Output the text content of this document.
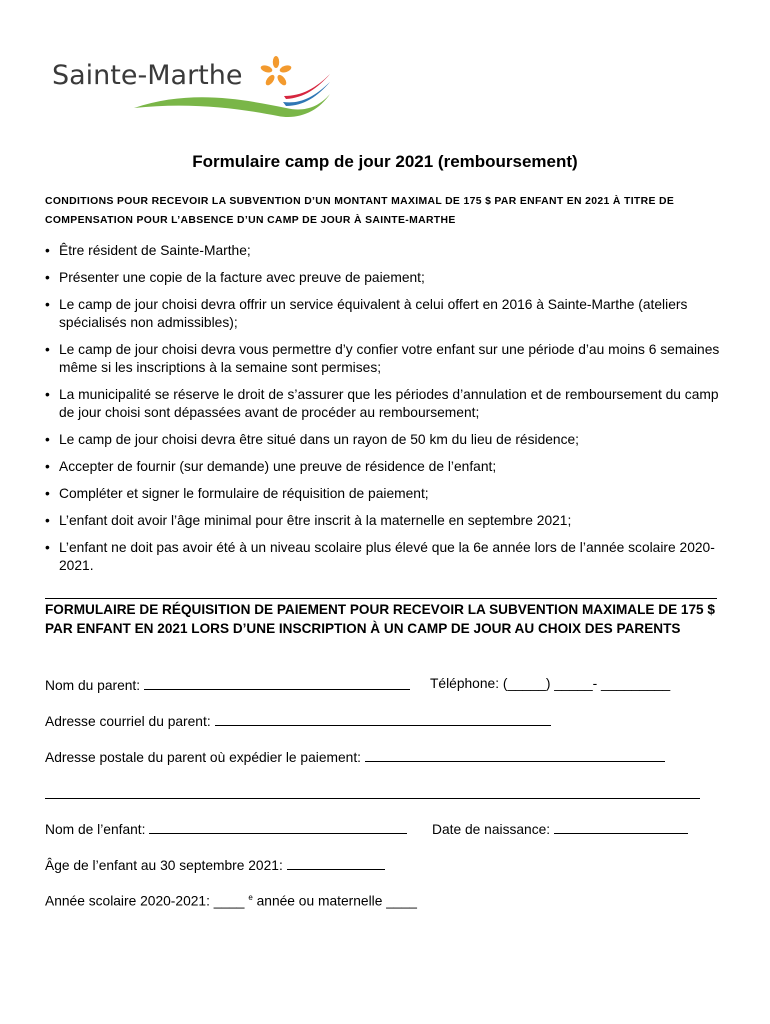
Sainte-Marthe
Formulaire camp de jour 2021 (remboursement)
CONDITIONS POUR RECEVOIR LA SUBVENTION D’UN MONTANT MAXIMAL DE 175 $ PAR ENFANT EN 2021 À TITRE DE COMPENSATION POUR L’ABSENCE D’UN CAMP DE JOUR À SAINTE-MARTHE
• Être résident de Sainte-Marthe;
• Présenter une copie de la facture avec preuve de paiement;
• Le camp de jour choisi devra offrir un service équivalent à celui offert en 2016 à Sainte-Marthe (ateliers spécialisés non admissibles);
• Le camp de jour choisi devra vous permettre d’y confier votre enfant sur une période d’au moins 6 semaines même si les inscriptions à la semaine sont permises;
• La municipalité se réserve le droit de s’assurer que les périodes d’annulation et de remboursement du camp de jour choisi sont dépassées avant de procéder au remboursement;
• Le camp de jour choisi devra être situé dans un rayon de 50 km du lieu de résidence;
• Accepter de fournir (sur demande) une preuve de résidence de l’enfant;
• Compléter et signer le formulaire de réquisition de paiement;
• L’enfant doit avoir l’âge minimal pour être inscrit à la maternelle en septembre 2021;
• L’enfant ne doit pas avoir été à un niveau scolaire plus élevé que la 6e année lors de l’année scolaire 2020-2021.
FORMULAIRE DE RÉQUISITION DE PAIEMENT POUR RECEVOIR LA SUBVENTION MAXIMALE DE 175 $ PAR ENFANT EN 2021 LORS D’UNE INSCRIPTION À UN CAMP DE JOUR AU CHOIX DES PARENTS
Nom du parent:	Téléphone: (_____) _____- _________
Adresse courriel du parent:
Adresse postale du parent où expédier le paiement:
Nom de l’enfant:	Date de naissance:
Âge de l’enfant au 30 septembre 2021:
Année scolaire 2020-2021: ____ $^e$ année ou maternelle ____
